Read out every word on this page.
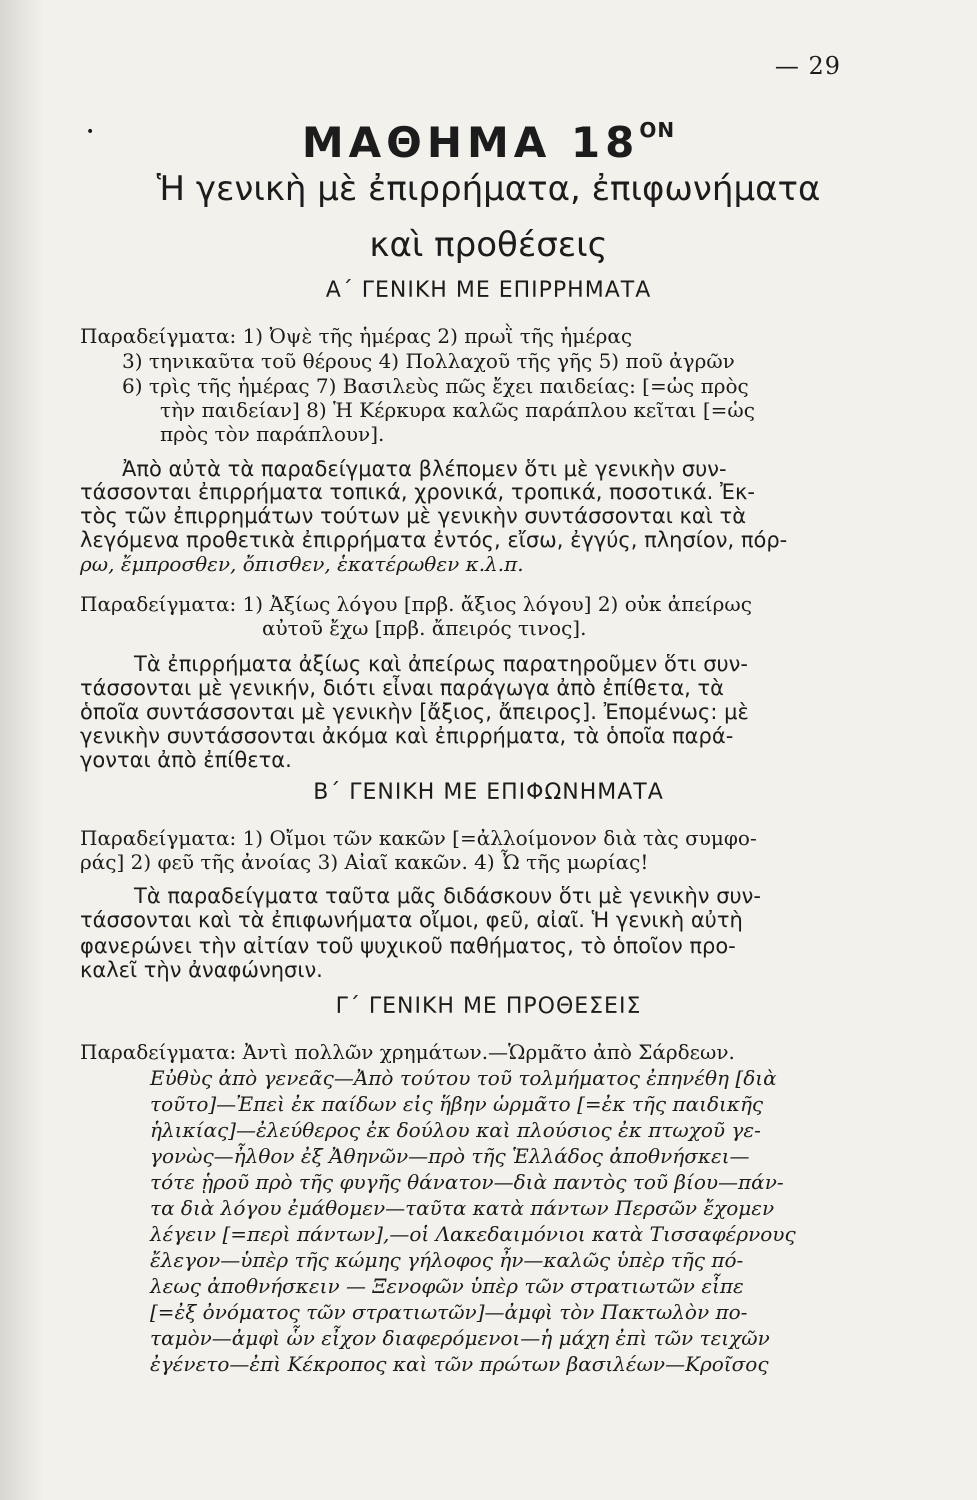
— 29
•	ΜΑΘΗΜΑ $18^{ON}$
Ἡ γενικὴ μὲ ἐπιρρήματα, ἐπιφωνήματα
καὶ προθέσεις
Α΄ ΓΕΝΙΚΗ ΜΕ ΕΠΙΡΡΗΜΑΤΑ
Παραδείγματα: 1) Ὀψὲ τῆς ἡμέρας 2) πρωῒ τῆς ἡμέρας
3) τηνικαῦτα τοῦ θέρους 4) Πολλαχοῦ τῆς γῆς 5) ποῦ ἀγρῶν
6) τρὶς τῆς ἡμέρας 7) Βασιλεὺς πῶς ἔχει παιδείας: [=ὡς πρὸς
τὴν παιδείαν] 8) Ἡ Κέρκυρα καλῶς παράπλου κεῖται [=ὡς
πρὸς τὸν παράπλουν].
Ἀπὸ αὐτὰ τὰ παραδείγματα βλέπομεν ὅτι μὲ γενικὴν συν-
τάσσονται ἐπιρρήματα τοπικά, χρονικά, τροπικά, ποσοτικά. Ἐκ-
τὸς τῶν ἐπιρρημάτων τούτων μὲ γενικὴν συντάσσονται καὶ τὰ
λεγόμενα προθετικὰ ἐπιρρήματα ἐντός, εἴσω, ἐγγύς, πλησίον, πόρ-
ρω, ἔμπροσθεν, ὄπισθεν, ἑκατέρωθεν κ.λ.π.
Παραδείγματα: 1) Ἀξίως λόγου [πρβ. ἄξιος λόγου] 2) οὐκ ἀπείρως
αὐτοῦ ἔχω [πρβ. ἄπειρός τινος].
Τὰ ἐπιρρήματα ἀξίως καὶ ἀπείρως παρατηροῦμεν ὅτι συν-
τάσσονται μὲ γενικήν, διότι εἶναι παράγωγα ἀπὸ ἐπίθετα, τὰ
ὁποῖα συντάσσονται μὲ γενικὴν [ἄξιος, ἄπειρος]. Ἐπομένως: μὲ
γενικὴν συντάσσονται ἀκόμα καὶ ἐπιρρήματα, τὰ ὁποῖα παρά-
γονται ἀπὸ ἐπίθετα.
Β΄ ΓΕΝΙΚΗ ΜΕ ΕΠΙΦΩΝΗΜΑΤΑ
Παραδείγματα: 1) Οἴμοι τῶν κακῶν [=ἀλλοίμονον διὰ τὰς συμφο-
ράς] 2) φεῦ τῆς ἀνοίας 3) Αἰαῖ κακῶν. 4) Ὦ τῆς μωρίας!
Τὰ παραδείγματα ταῦτα μᾶς διδάσκουν ὅτι μὲ γενικὴν συν-
τάσσονται καὶ τὰ ἐπιφωνήματα οἴμοι, φεῦ, αἰαῖ. Ἡ γενικὴ αὐτὴ
φανερώνει τὴν αἰτίαν τοῦ ψυχικοῦ παθήματος, τὸ ὁποῖον προ-
καλεῖ τὴν ἀναφώνησιν.
Γ΄ ΓΕΝΙΚΗ ΜΕ ΠΡΟΘΕΣΕΙΣ
Παραδείγματα: Ἀντὶ πολλῶν χρημάτων.—Ὡρμᾶτο ἀπὸ Σάρδεων.
Εὐθὺς ἀπὸ γενεᾶς—Ἀπὸ τούτου τοῦ τολμήματος ἐπηνέθη [διὰ
τοῦτο]—Ἐπεὶ ἐκ παίδων εἰς ἥβην ὡρμᾶτο [=ἐκ τῆς παιδικῆς
ἡλικίας]—ἐλεύθερος ἐκ δούλου καὶ πλούσιος ἐκ πτωχοῦ γε-
γονὼς—ἦλθον ἐξ Ἀθηνῶν—πρὸ τῆς Ἑλλάδος ἀποθνήσκει—
τότε ᾑροῦ πρὸ τῆς φυγῆς θάνατον—διὰ παντὸς τοῦ βίου—πάν-
τα διὰ λόγου ἐμάθομεν—ταῦτα κατὰ πάντων Περσῶν ἔχομεν
λέγειν [=περὶ πάντων],—οἱ Λακεδαιμόνιοι κατὰ Τισσαφέρνους
ἔλεγον—ὑπὲρ τῆς κώμης γήλοφος ἦν—καλῶς ὑπὲρ τῆς πό-
λεως ἀποθνήσκειν — Ξενοφῶν ὑπὲρ τῶν στρατιωτῶν εἶπε
[=ἐξ ὀνόματος τῶν στρατιωτῶν]—ἀμφὶ τὸν Πακτωλὸν πο-
ταμὸν—ἀμφὶ ὧν εἶχον διαφερόμενοι—ἡ μάχη ἐπὶ τῶν τειχῶν
ἐγένετο—ἐπὶ Κέκροπος καὶ τῶν πρώτων βασιλέων—Κροῖσος
